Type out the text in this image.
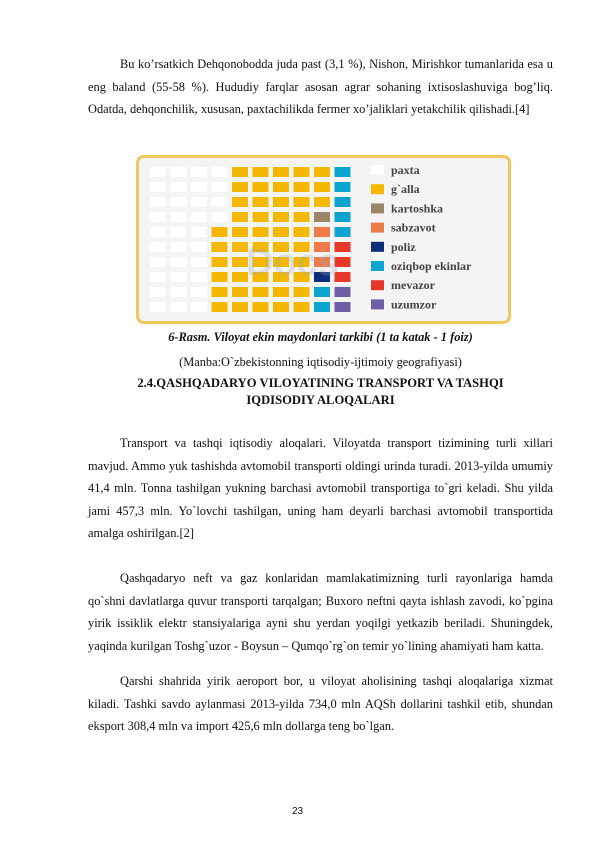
Bu ko’rsatkich Dehqonobodda juda past (3,1 %), Nishon, Mirishkor tumanlarida esa u eng baland (55-58 %). Hududiy farqlar asosan agrar sohaning ixtisoslashuviga bog’liq. Odatda, dehqonchilik, xususan, paxtachilikda fermer xo’jaliklari yetakchilik qilishadi.[4]

paxta
g`alla
kartoshka
sabzavot
poliz
oziqbop ekinlar
mevazor
uzumzor
Docs
6-Rasm. Viloyat ekin maydonlari tarkibi (1 ta katak - 1 foiz)
(Manba:O`zbekistonning iqtisodiy-ijtimoiy geografiyasi)
2.4.QASHQADARYO VILOYATINING TRANSPORT VA TASHQI
IQDISODIY ALOQALARI

Transport va tashqi iqtisodiy aloqalari. Viloyatda transport tizimining turli xillari mavjud. Ammo yuk tashishda avtomobil transporti oldingi urinda turadi. 2013-yilda umumiy 41,4 mln. Tonna tashilgan yukning barchasi avtomobil transportiga to`gri keladi. Shu yilda jami 457,3 mln. Yo`lovchi tashilgan, uning ham deyarli barchasi avtomobil transportida amalga oshirilgan.[2]

Qashqadaryo neft va gaz konlaridan mamlakatimizning turli rayonlariga hamda qo`shni davlatlarga quvur transporti tarqalgan; Buxoro neftni qayta ishlash zavodi, ko`pgina yirik issiklik elektr stansiyalariga ayni shu yerdan yoqilgi yetkazib beriladi. Shuningdek, yaqinda kurilgan Toshg`uzor - Boysun – Qumqo`rg`on temir yo`lining ahamiyati ham katta.

Qarshi shahrida yirik aeroport bor, u viloyat aholisining tashqi aloqalariga xizmat kiladi. Tashki savdo aylanmasi 2013-yilda 734,0 mln AQSh dollarini tashkil etib, shundan eksport 308,4 mln va import 425,6 mln dollarga teng bo`lgan.

23
